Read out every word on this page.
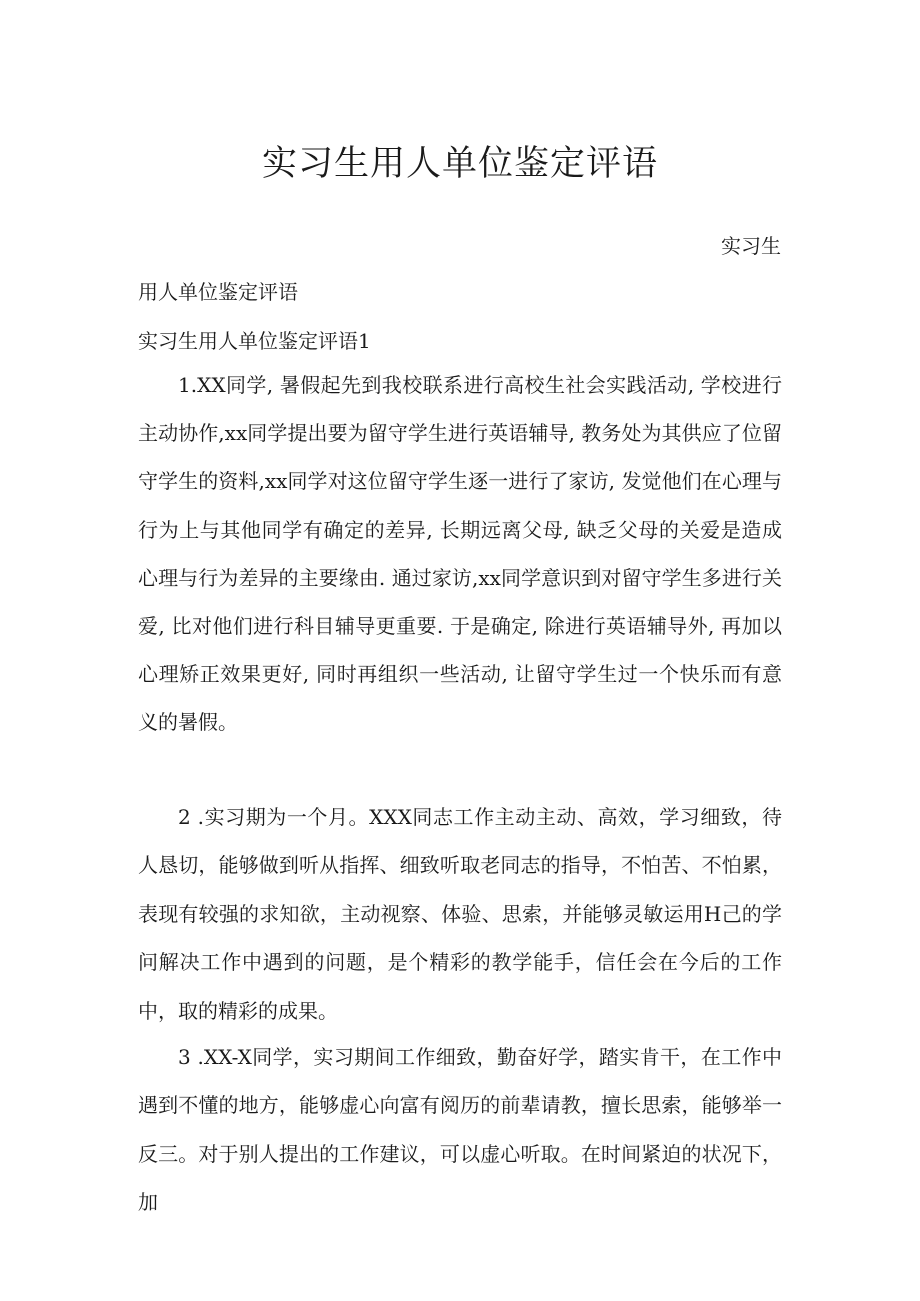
实习生用人单位鉴定评语
实习生
用人单位鉴定评语
实习生用人单位鉴定评语1

1.XX同学, 暑假起先到我校联系进行高校生社会实践活动, 学校进行主动协作,xx同学提出要为留守学生进行英语辅导, 教务处为其供应了位留守学生的资料,xx同学对这位留守学生逐一进行了家访, 发觉他们在心理与行为上与其他同学有确定的差异, 长期远离父母, 缺乏父母的关爱是造成心理与行为差异的主要缘由. 通过家访,xx同学意识到对留守学生多进行关爱, 比对他们进行科目辅导更重要. 于是确定, 除进行英语辅导外, 再加以心理矫正效果更好, 同时再组织一些活动, 让留守学生过一个快乐而有意义的暑假。

2 .实习期为一个月。XXX同志工作主动主动、高效，学习细致，待人恳切，能够做到听从指挥、细致听取老同志的指导，不怕苦、不怕累，表现有较强的求知欲，主动视察、体验、思索，并能够灵敏运用H己的学问解决工作中遇到的问题，是个精彩的教学能手，信任会在今后的工作中，取的精彩的成果。

3 .XX-X同学，实习期间工作细致，勤奋好学，踏实肯干，在工作中遇到不懂的地方，能够虚心向富有阅历的前辈请教，擅长思索，能够举一反三。对于别人提出的工作建议，可以虚心听取。在时间紧迫的状况下，加
